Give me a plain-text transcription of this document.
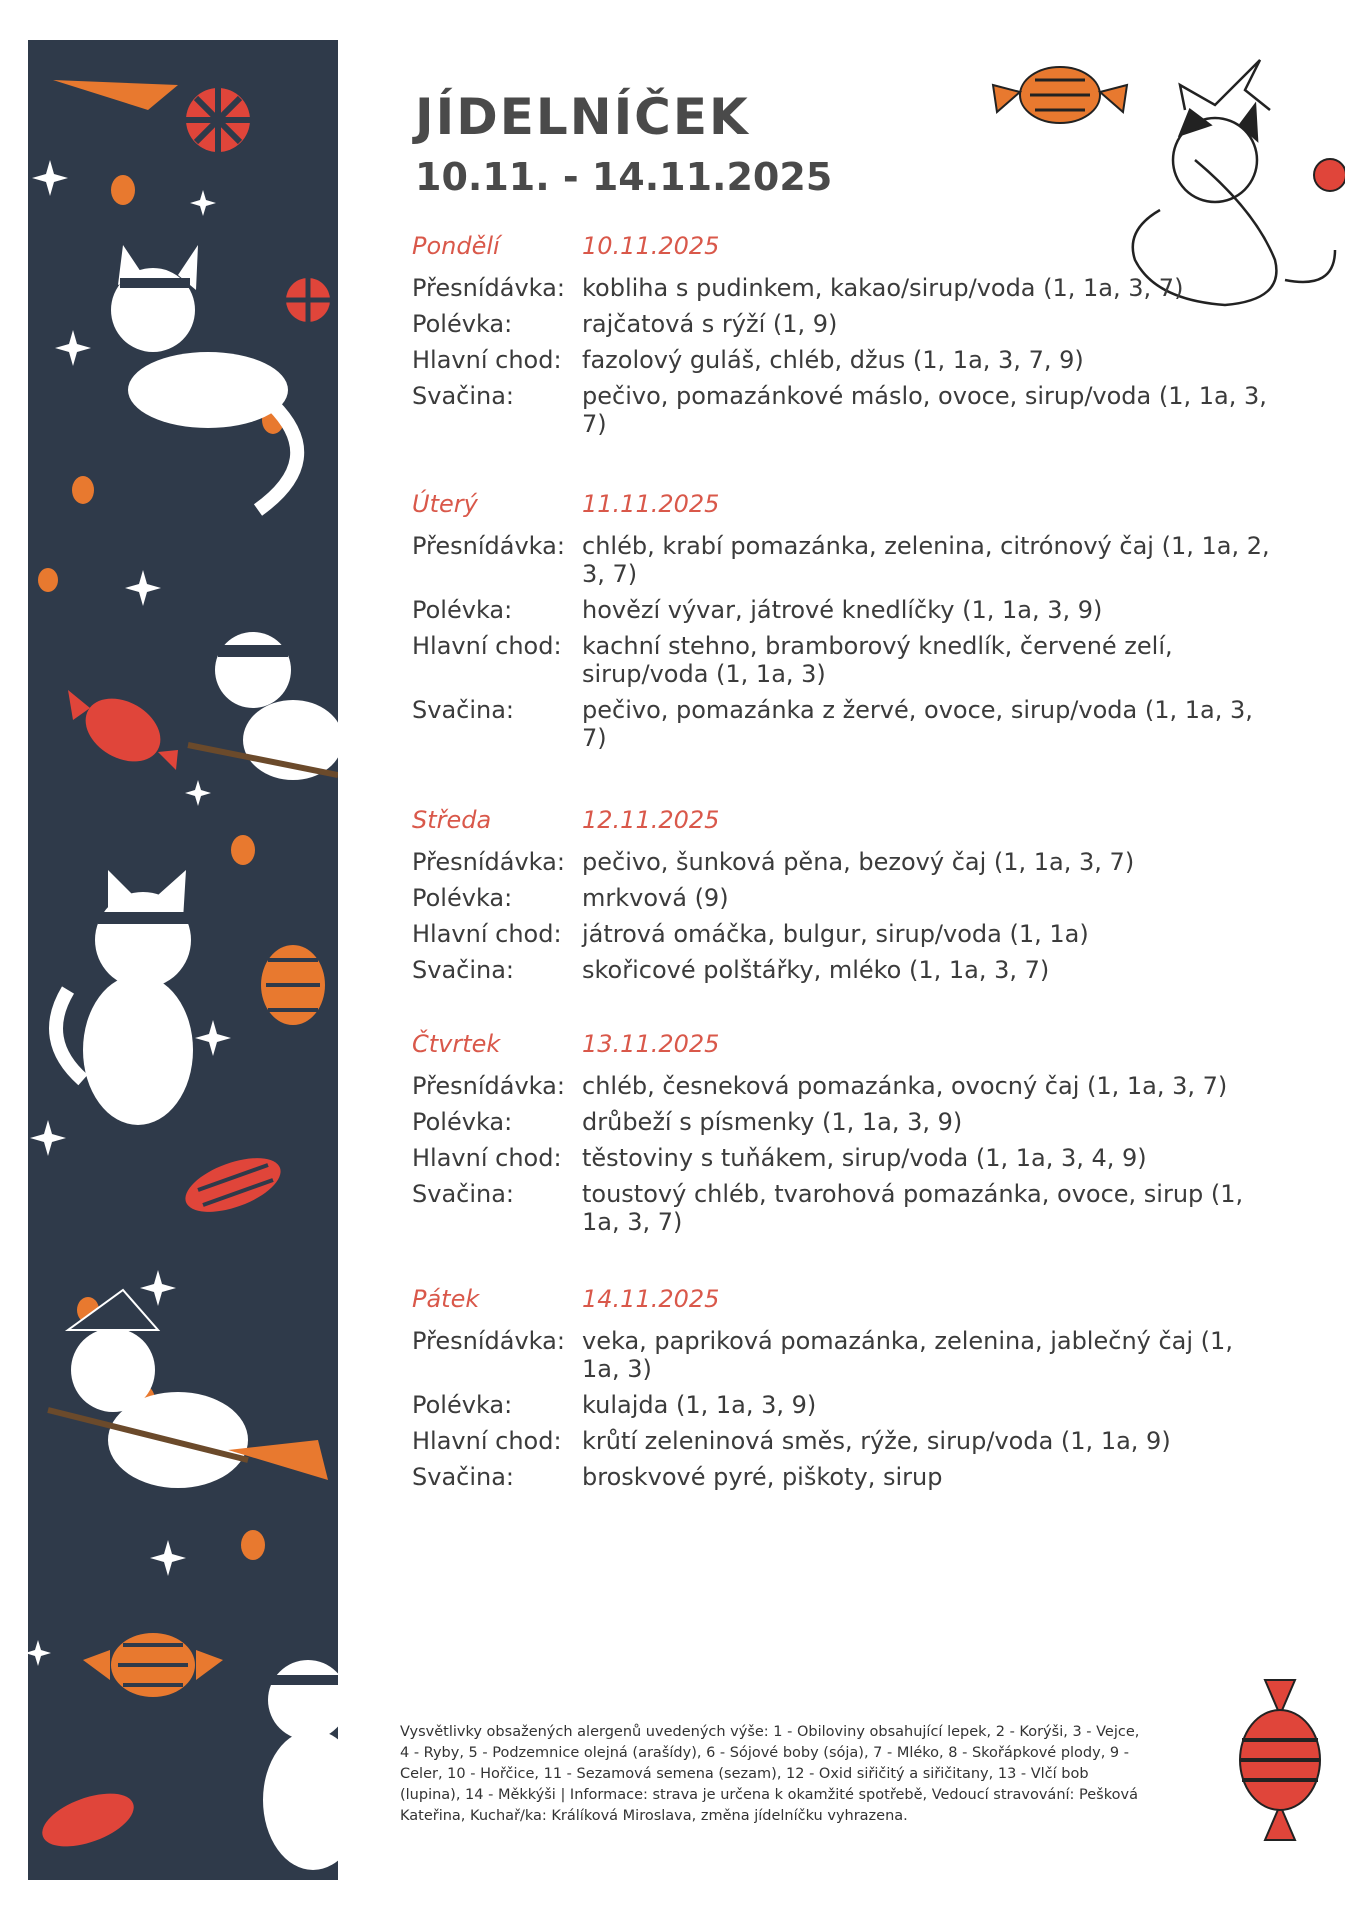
JÍDELNÍČEK
10.11. - 14.11.2025
Pondělí	10.11.2025
Přesnídávka: kobliha s pudinkem, kakao/sirup/voda (1, 1a, 3, 7)
Polévka:	rajčatová s rýží (1, 9)
Hlavní chod: fazolový guláš, chléb, džus (1, 1a, 3, 7, 9)
Svačina:	pečivo, pomazánkové máslo, ovoce, sirup/voda (1, 1a, 3, 7)
Úterý	11.11.2025
Přesnídávka: chléb, krabí pomazánka, zelenina, citrónový čaj (1, 1a, 2, 3, 7)
Polévka:	hovězí vývar, játrové knedlíčky (1, 1a, 3, 9)
Hlavní chod: kachní stehno, bramborový knedlík, červené zelí, sirup/voda (1, 1a, 3)
Svačina:	pečivo, pomazánka z žervé, ovoce, sirup/voda (1, 1a, 3, 7)
Středa	12.11.2025
Přesnídávka: pečivo, šunková pěna, bezový čaj (1, 1a, 3, 7)
Polévka:	mrkvová (9)
Hlavní chod: játrová omáčka, bulgur, sirup/voda (1, 1a)
Svačina:	skořicové polštářky, mléko (1, 1a, 3, 7)
Čtvrtek	13.11.2025
Přesnídávka: chléb, česneková pomazánka, ovocný čaj (1, 1a, 3, 7)
Polévka:	drůbeží s písmenky (1, 1a, 3, 9)
Hlavní chod: těstoviny s tuňákem, sirup/voda (1, 1a, 3, 4, 9)
Svačina:	toustový chléb, tvarohová pomazánka, ovoce, sirup (1, 1a, 3, 7)
Pátek	14.11.2025
Přesnídávka: veka, papriková pomazánka, zelenina, jablečný čaj (1, 1a, 3)
Polévka:	kulajda (1, 1a, 3, 9)
Hlavní chod: krůtí zeleninová směs, rýže, sirup/voda (1, 1a, 9)
Svačina:	broskvové pyré, piškoty, sirup
Vysvětlivky obsažených alergenů uvedených výše: 1 - Obiloviny obsahující lepek, 2 - Korýši, 3 - Vejce, 4 - Ryby, 5 - Podzemnice olejná (arašídy), 6 - Sójové boby (sója), 7 - Mléko, 8 - Skořápkové plody, 9 - Celer, 10 - Hořčice, 11 - Sezamová semena (sezam), 12 - Oxid siřičitý a siřičitany, 13 - Vlčí bob (lupina), 14 - Měkkýši | Informace: strava je určena k okamžité spotřebě, Vedoucí stravování: Pešková Kateřina, Kuchař/ka: Králíková Miroslava, změna jídelníčku vyhrazena.
